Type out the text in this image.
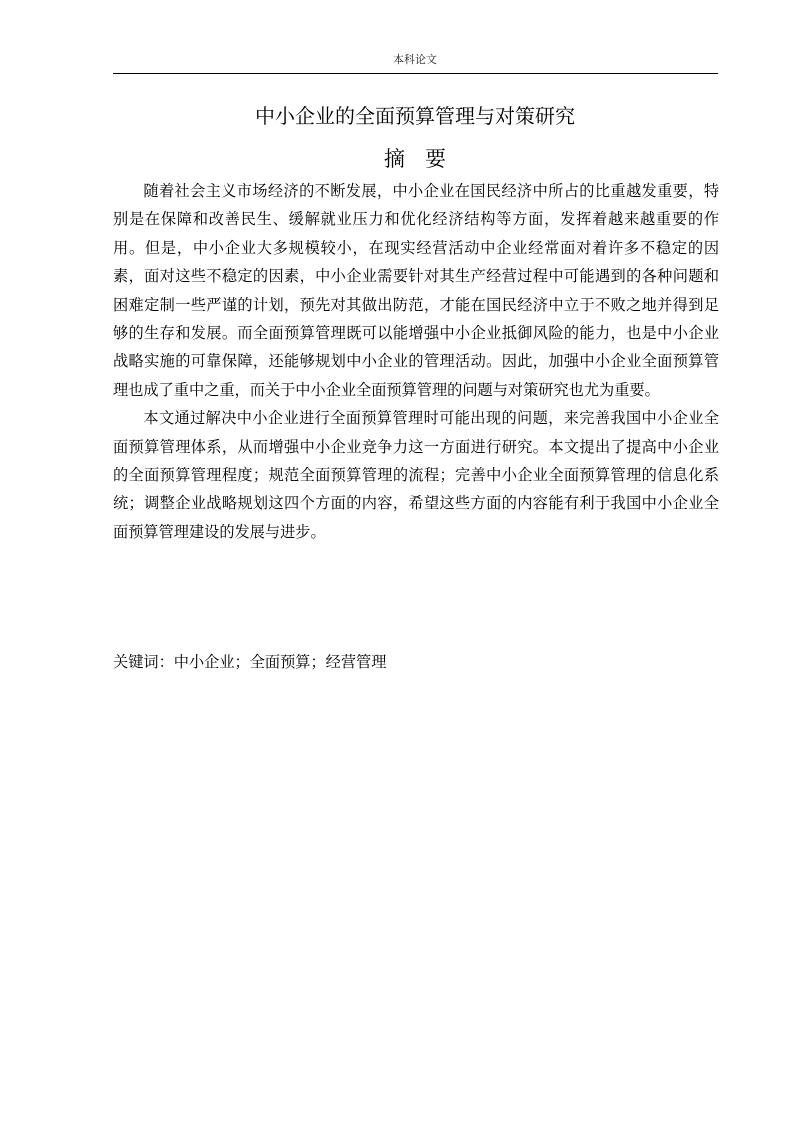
本科论文
中小企业的全面预算管理与对策研究
摘要

随着社会主义市场经济的不断发展，中小企业在国民经济中所占的比重越发重要，特别是在保障和改善民生、缓解就业压力和优化经济结构等方面，发挥着越来越重要的作用。但是，中小企业大多规模较小，在现实经营活动中企业经常面对着许多不稳定的因素，面对这些不稳定的因素，中小企业需要针对其生产经营过程中可能遇到的各种问题和困难定制一些严谨的计划，预先对其做出防范，才能在国民经济中立于不败之地并得到足够的生存和发展。而全面预算管理既可以能增强中小企业抵御风险的能力，也是中小企业战略实施的可靠保障，还能够规划中小企业的管理活动。因此，加强中小企业全面预算管理也成了重中之重，而关于中小企业全面预算管理的问题与对策研究也尤为重要。

本文通过解决中小企业进行全面预算管理时可能出现的问题，来完善我国中小企业全面预算管理体系，从而增强中小企业竞争力这一方面进行研究。本文提出了提高中小企业的全面预算管理程度；规范全面预算管理的流程；完善中小企业全面预算管理的信息化系统；调整企业战略规划这四个方面的内容，希望这些方面的内容能有利于我国中小企业全面预算管理建设的发展与进步。

关键词：中小企业；全面预算；经营管理
